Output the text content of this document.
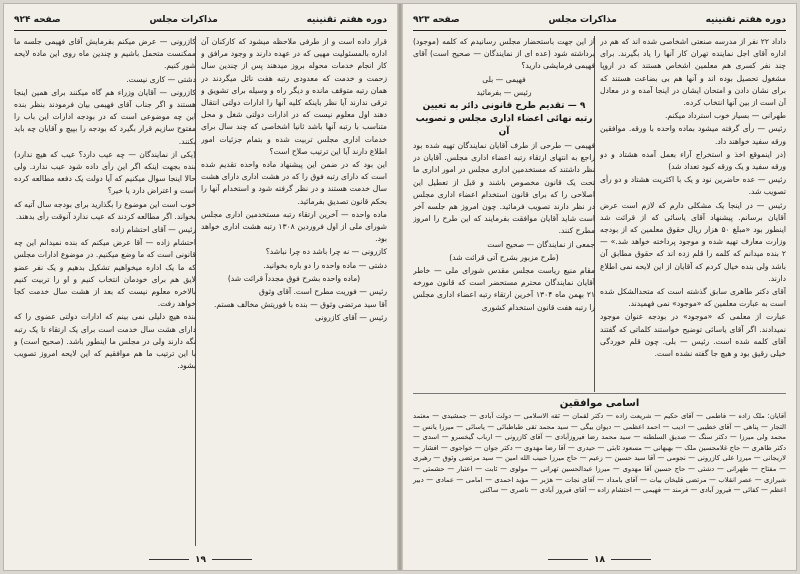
دوره هفتم تقنینیه
مذاکرات مجلس
صفحه ۹۲۴

قرار داده است و از طرفی ملاحظه میشود که کارکنان آن اداره بالمسئولیت مهیی که در عهده دارند و وجود مرافق و کار انجام خدمات محوله بروز میدهند پس از چندین سال زحمت و خدمت که معدودی رتبه هفت نائل میگردند در همان رتبه متوقف مانده و دیگر راه و وسیله برای تشویق و ترقی ندارند آیا نظر باینکه کلیه آنها را ادارات دولتی انتقال دهند اول معلوم نیست که در ادارات دولتی شغل و محل متناسب با رتبه آنها باشد ثانیا اشخاصی که چند سال برای خدمات اداری مجلس تربیت شده و بتمام جزئیات امور اطلاع دارند آیا این ترتیب صلاح است؟

این بود که در ضمن این پیشنهاد ماده واحده تقدیم شده است که دارای رتبه فوق را که در هشت اداری دارای هشت سال خدمت هستند و در نظر گرفته شود و استخدام آنها را بحکم قانون تصدیق بفرمائید.

ماده واحده — آخرین ارتقاء رتبه مستخدمین اداری مجلس شورای ملی از اول فروردین ۱۳۰۸ رتبه هشت اداری خواهد بود.

کازرونی — نه چرا باشد ده چرا نباشد؟

دشتی — ماده واحده را دو باره بخوانید.

(ماده واحده بشرح فوق مجدداً قرائت شد)

رئیس — فوریت مطرح است. آقای وثوق

آقا سید مرتضی وثوق — بنده با فوریتش مخالف هستم.

رئیس — آقای کازرونی

کازرونی — عرض میکنم بفرمایش آقای فهیمی جلسه ما ممکنست متحمل باشیم و چندین ماه روی این ماده لایحه شور کنیم.

دشتی — کاری نیست.

کازرونی — آقایان وزراء هم گاه میکنند برای همین اینجا هستند و اگر جناب آقای فهیمی بیان فرمودند بنظر بنده این چه موضوعی است که در بودجه ادارات این باب را مفتوح سازیم قرار بگیرد که بودجه را بپیچ و آقایان چه باید بکنند.

(یکی از نمایندگان — چه عیب دارد؟ عیب که هیچ ندارد) بنده بجهت اینکه اگر این رأی داده شود عیب ندارد. ولی حالا اینجا سوال میکنیم که آیا دولت یک دفعه مطالعه کرده است و اعتراض دارد یا خیر؟

خوب است این موضوع را بگذارید برای بودجه سال آتیه که بخواند. اگر مطالعه کردند که عیب ندارد آنوقت رأی بدهند.

رئیس — آقای احتشام زاده

احتشام زاده — آقا عرض میکنم که بنده نمیدانم این چه قانونی است که ما وضع میکنیم. در موضوع ادارات مجلس که ما یک اداره میخواهیم تشکیل بدهیم و یک نفر عضو لایق هم برای خودمان انتخاب کنیم و او را تربیت کنیم بالاخره معلوم نیست که بعد از هشت سال خدمت کجا خواهد رفت.

بنده هیچ دلیلی نمی بینم که ادارات دولتی عضوی را که دارای هشت سال خدمت است برای یک ارتقاء تا یک رتبه نگه دارند ولی در مجلس ما اینطور باشد. (صحیح است) و با این ترتیب ما هم موافقیم که این لایحه امروز تصویب بشود.

۱۹
دوره هفتم تقنینیه
مذاکرات مجلس
صفحه ۹۲۳

داداد ۲۲ نفر از مدرسه صنعتی اشخاصی شده اند که هم در اداره آقای اجل نماینده تهران کار آنها را یاد بگیرند. برای چند نفر کسری هم معلمین اشخاص هستند که در اروپا مشغول تحصیل بوده اند و آنها هم بی بضاعت هستند که برای نشان دادن و امتحان ایشان در اینجا آمده و در معادل آن است از بین آنها انتخاب کرده.

طهرانی — بسیار خوب استرداد میکنم.

رئیس — رأی گرفته میشود بماده واحده با ورقه. موافقین ورقه سفید خواهند داد.

(در اینموقع اخذ و استخراج آراء بعمل آمده هشتاد و دو ورقه سفید و یک ورقه کبود تعداد شد)

رئیس — عده حاضرین نود و یک با اکثریت هشتاد و دو رأی تصویب شد.

رئیس — در اینجا یک مشکلی دارم که لازم است عرض آقایان برسانم. پیشنهاد آقای یاسائی که از قرائت شد اینطور بود «مبلغ ۵۰ هزار ریال حقوق معلمین که از بودجه وزارت معارف تهیه شده و موجود پرداخته خواهد شد.» — ۲ بنده میدانم که کلمه را قلم زده اند که حقوق مطابق آن باشد ولی بنده خیال کردم که آقایان از این لایحه نمی اطلاع دارند.

آقای دکتر طاهری سابق گذشته است که متحدالشکل شده است به عبارت معلمین که «موجود» نمی فهمیدند.

عبارت از معلمی که «موجود» در بودجه عنوان موجود نمیدادند. اگر آقای یاسائی توضیح خواستند کلماتی که گفتند آقای کلمه شده است. رئیس — بلی. چون قلم خوردگی خیلی رقیق بود و هیچ جا گفته نشده است.

از این جهت باستحضار مجلس رسانیدم که کلمه (موجود) برداشته شود (عده ای از نمایندگان — صحیح است) آقای فهیمی فرمایشی دارید؟

فهیمی — بلی

رئیس — بفرمائید

۹ — تقدیم طرح قانونی دائر به تعیین رتبه نهائی اعضاء اداری مجلس و تصویب آن

فهیمی — طرحی از طرف آقایان نمایندگان تهیه شده بود راجع به انتهای ارتقاء رتبه اعضاء اداری مجلس. آقایان در نظر داشتند که مستخدمین اداری مجلس در امور اداری ما تحت یک قانون مخصوص باشند و قبل از تعطیل این اصلاحی را که برای قانون استخدام اعضاء اداری مجلس در نظر دارند تصویب فرمائید. چون امروز هم جلسه آخر است شاید آقایان موافقت بفرمایند که این طرح را امروز مطرح کنند.

جمعی از نمایندگان — صحیح است

(طرح مزبور بشرح آتی قرائت شد)

مقام منیع ریاست مجلس مقدس شورای ملی — خاطر آقایان نمایندگان محترم مستحضر است که قانون مورخه ۲۱ بهمن ماه ۱۳۰۴ آخرین ارتقاء رتبه اعضاء اداری مجلس را رتبه هفت قانون استخدام کشوری

اسامی موافقین
آقایان: ملک زاده — فاطمی — آقای حکیم — شریعت زاده — دکتر لقمان — ثقه الاسلامی — دولت آبادی — جمشیدی — معتمد التجار — پناهی — آقای خطیبی — ادیب — احمد اعظمی — دیوان بیگی — سید محمد تقی طباطبائی — یاسائی — میرزا یانس — محمد ولی میرزا — دکتر سنگ — صدیق السلطنه — سید محمد رضا فیروزآبادی — آقای کازرونی — ارباب گیخسرو — اسدی — دکتر طاهری — حاج غلامحسین ملک — بهبهانی — مسعود ثابتی — حیدری — آقا رضا مهدوی — دکتر جوان — خواجوی — افشار — لاریجانی — میرزا علی کازرونی — نجومی — آقا سید حسین — زعیم — حاج میرزا حبیب الله امین — سید مرتضی وثوق — رهبری — مفتاح — طهرانی — دشتی — حاج حسین آقا مهدوی — میرزا عبدالحسین تهرانی — مولوی — ثابت — اعتبار — حشمتی — شیرازی — عصر انقلاب — مرتضی قلیخان بیات — آقای بامداد — آقای نجات — هژبر — مؤید احمدی — امامی — عمادی — دبیر اعظم — کفائی — فیروز آبادی — فرمند — فهیمی — احتشام زاده — آقای فیروز آبادی — ناصری — ساکنی
۱۸
